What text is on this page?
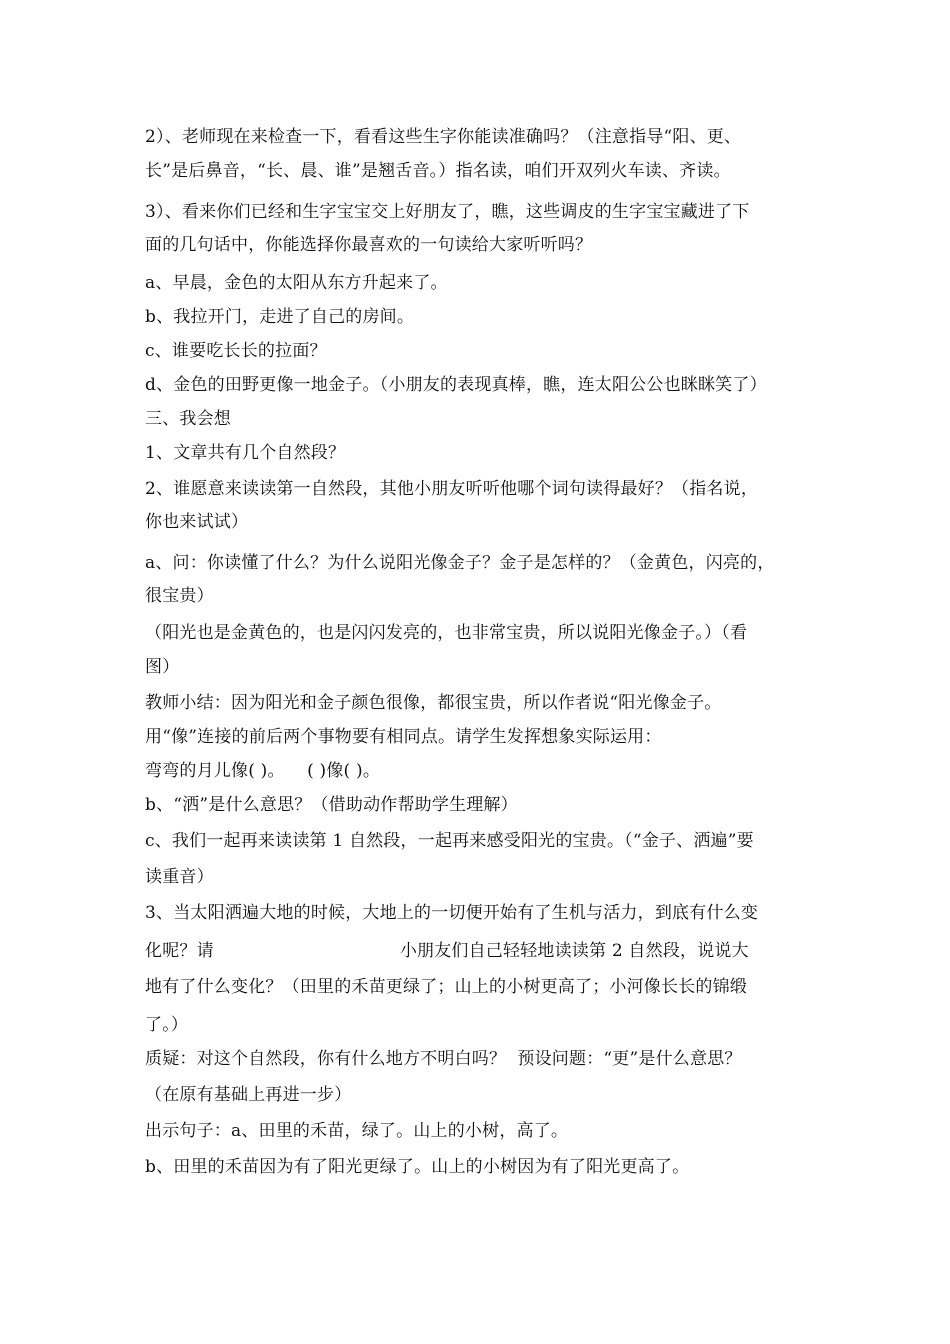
2）、老师现在来检查一下，看看这些生字你能读准确吗？（注意指导“阳、更、
长”是后鼻音，“长、晨、谁”是翘舌音。）指名读，咱们开双列火车读、齐读。
3）、看来你们已经和生字宝宝交上好朋友了，瞧，这些调皮的生字宝宝藏进了下
面的几句话中，你能选择你最喜欢的一句读给大家听听吗？
a、早晨，金色的太阳从东方升起来了。
b、我拉开门，走进了自己的房间。
c、谁要吃长长的拉面？
d、金色的田野更像一地金子。（小朋友的表现真棒，瞧，连太阳公公也眯眯笑了）
三、我会想
1、文章共有几个自然段？
2、谁愿意来读读第一自然段，其他小朋友听听他哪个词句读得最好？（指名说，
你也来试试）
a、问：你读懂了什么？为什么说阳光像金子？金子是怎样的？（金黄色，闪亮的，
很宝贵）
（阳光也是金黄色的，也是闪闪发亮的，也非常宝贵，所以说阳光像金子。）（看
图）
教师小结：因为阳光和金子颜色很像，都很宝贵，所以作者说“阳光像金子。
用“像”连接的前后两个事物要有相同点。请学生发挥想象实际运用：
弯弯的月儿像( )。    ( )像( )。
b、“洒”是什么意思？（借助动作帮助学生理解）
c、我们一起再来读读第 1 自然段，一起再来感受阳光的宝贵。（“金子、洒遍”要
读重音）
3、当太阳洒遍大地的时候，大地上的一切便开始有了生机与活力，到底有什么变
化呢？请	小朋友们自己轻轻地读读第 2 自然段，说说大
地有了什么变化？（田里的禾苗更绿了；山上的小树更高了；小河像长长的锦缎
了。）
质疑：对这个自然段，你有什么地方不明白吗？  预设问题：“更”是什么意思？
（在原有基础上再进一步）
出示句子：a、田里的禾苗，绿了。山上的小树，高了。
b、田里的禾苗因为有了阳光更绿了。山上的小树因为有了阳光更高了。
